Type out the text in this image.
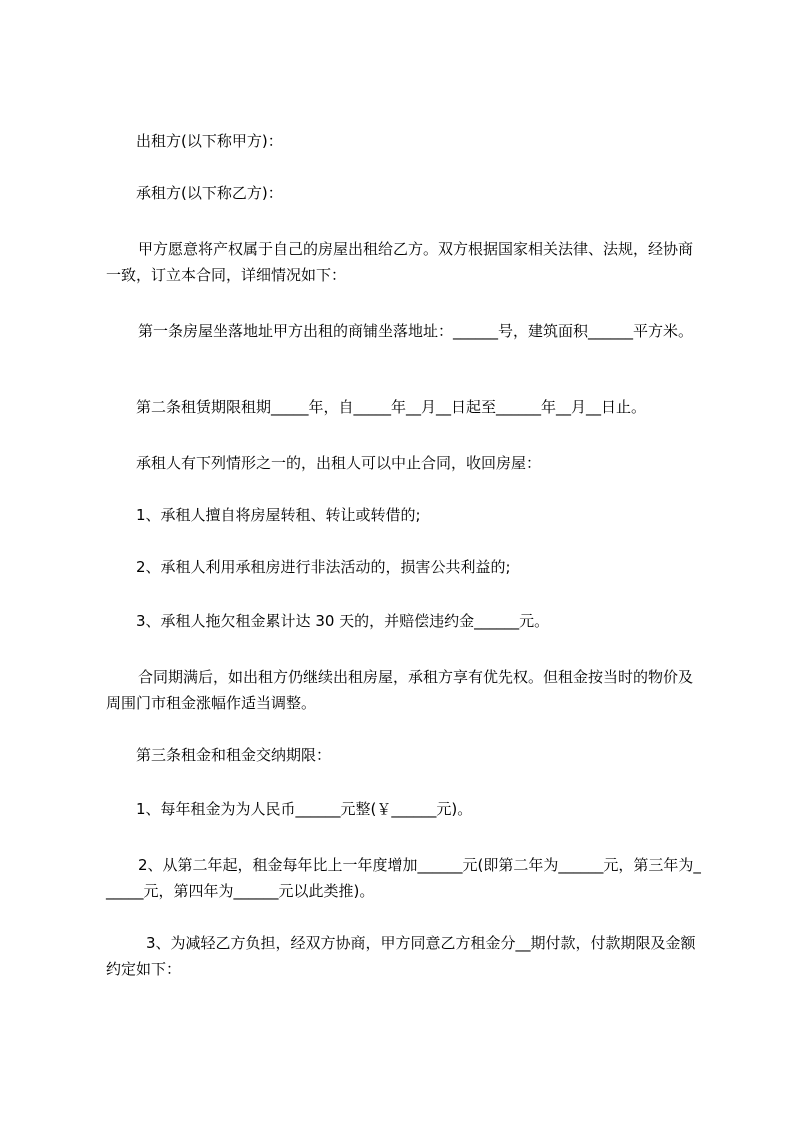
出租方(以下称甲方)：

承租方(以下称乙方)：

甲方愿意将产权属于自己的房屋出租给乙方。双方根据国家相关法律、法规，经协商一致，订立本合同，详细情况如下：

第一条房屋坐落地址甲方出租的商铺坐落地址：______号，建筑面积______平方米。

第二条租赁期限租期_____年，自_____年__月__日起至______年__月__日止。

承租人有下列情形之一的，出租人可以中止合同，收回房屋：

1、承租人擅自将房屋转租、转让或转借的;

2、承租人利用承租房进行非法活动的，损害公共利益的;

3、承租人拖欠租金累计达 30 天的，并赔偿违约金______元。

合同期满后，如出租方仍继续出租房屋，承租方享有优先权。但租金按当时的物价及周围门市租金涨幅作适当调整。

第三条租金和租金交纳期限：

1、每年租金为为人民币______元整(￥______元)。

2、从第二年起，租金每年比上一年度增加______元(即第二年为______元，第三年为______元，第四年为______元以此类推)。

3、为减轻乙方负担，经双方协商，甲方同意乙方租金分__期付款，付款期限及金额约定如下：
